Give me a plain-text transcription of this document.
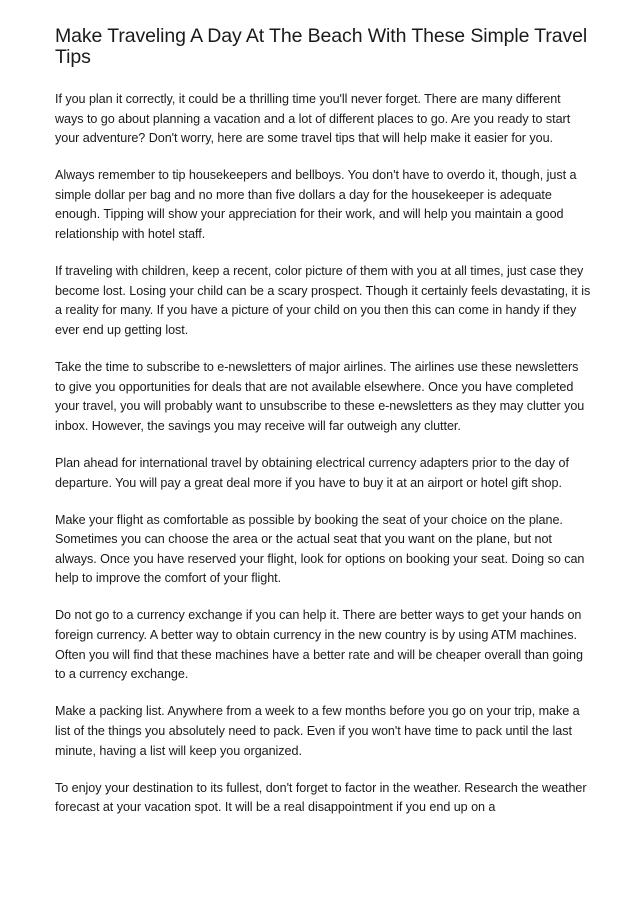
Make Traveling A Day At The Beach With These Simple Travel Tips

If you plan it correctly, it could be a thrilling time you'll never forget. There are many different ways to go about planning a vacation and a lot of different places to go. Are you ready to start your adventure? Don't worry, here are some travel tips that will help make it easier for you.

Always remember to tip housekeepers and bellboys. You don't have to overdo it, though, just a simple dollar per bag and no more than five dollars a day for the housekeeper is adequate enough. Tipping will show your appreciation for their work, and will help you maintain a good relationship with hotel staff.

If traveling with children, keep a recent, color picture of them with you at all times, just case they become lost. Losing your child can be a scary prospect. Though it certainly feels devastating, it is a reality for many. If you have a picture of your child on you then this can come in handy if they ever end up getting lost.

Take the time to subscribe to e-newsletters of major airlines. The airlines use these newsletters to give you opportunities for deals that are not available elsewhere. Once you have completed your travel, you will probably want to unsubscribe to these e-newsletters as they may clutter you inbox. However, the savings you may receive will far outweigh any clutter.

Plan ahead for international travel by obtaining electrical currency adapters prior to the day of departure. You will pay a great deal more if you have to buy it at an airport or hotel gift shop.

Make your flight as comfortable as possible by booking the seat of your choice on the plane. Sometimes you can choose the area or the actual seat that you want on the plane, but not always. Once you have reserved your flight, look for options on booking your seat. Doing so can help to improve the comfort of your flight.

Do not go to a currency exchange if you can help it. There are better ways to get your hands on foreign currency. A better way to obtain currency in the new country is by using ATM machines. Often you will find that these machines have a better rate and will be cheaper overall than going to a currency exchange.

Make a packing list. Anywhere from a week to a few months before you go on your trip, make a list of the things you absolutely need to pack. Even if you won't have time to pack until the last minute, having a list will keep you organized.

To enjoy your destination to its fullest, don't forget to factor in the weather. Research the weather forecast at your vacation spot. It will be a real disappointment if you end up on a
